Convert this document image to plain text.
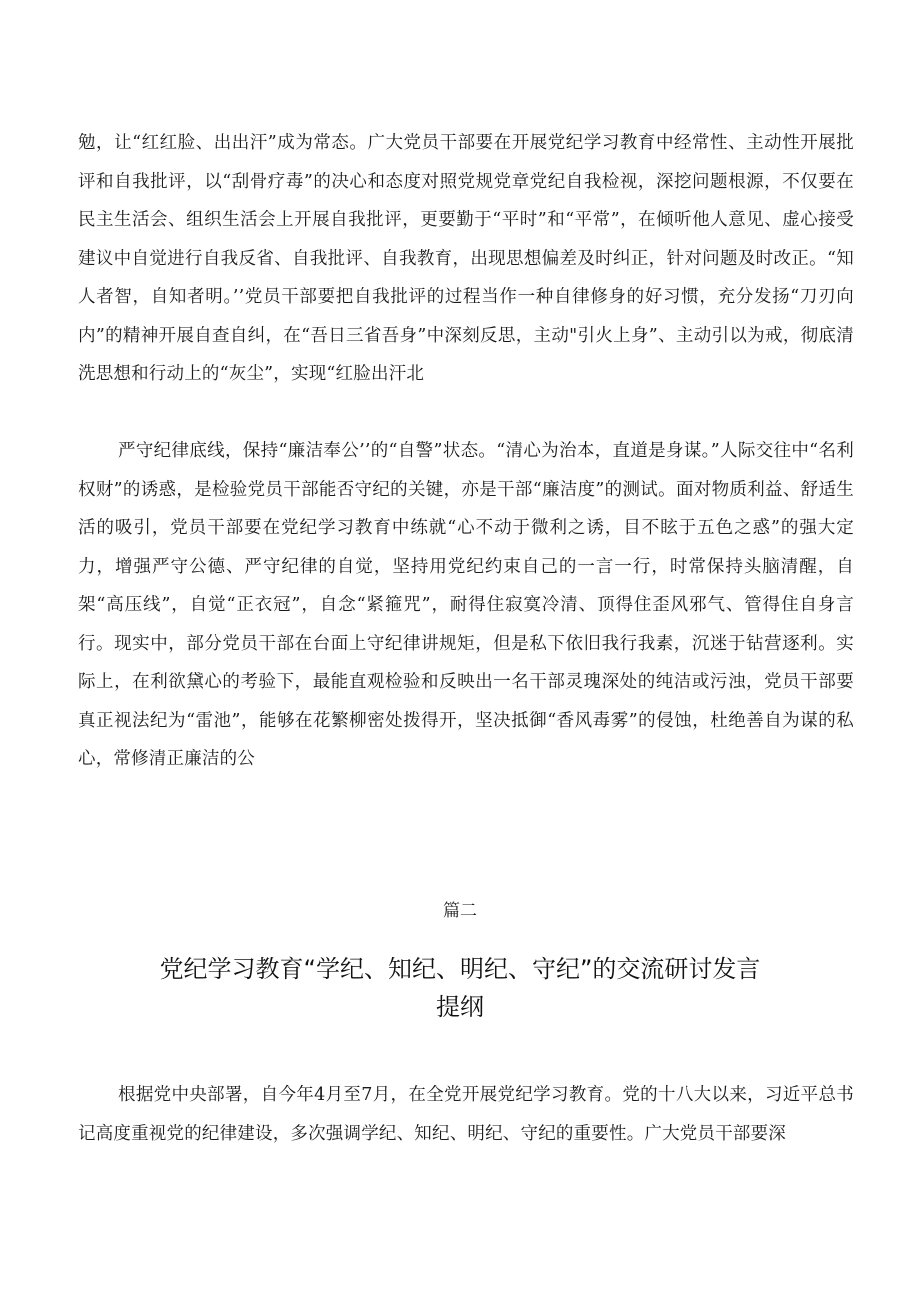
勉，让“红红脸、出出汗”成为常态。广大党员干部要在开展党纪学习教育中经常性、主动性开展批评和自我批评，以“刮骨疗毒”的决心和态度对照党规党章党纪自我检视，深挖问题根源，不仅要在民主生活会、组织生活会上开展自我批评，更要勤于“平时”和“平常”，在倾听他人意见、虚心接受建议中自觉进行自我反省、自我批评、自我教育，出现思想偏差及时纠正，针对问题及时改正。“知人者智，自知者明。’’党员干部要把自我批评的过程当作一种自律修身的好习惯，充分发扬“刀刃向内”的精神开展自查自纠，在“吾日三省吾身”中深刻反思，主动"引火上身”、主动引以为戒，彻底清洗思想和行动上的“灰尘”，实现“红脸出汗北

严守纪律底线，保持“廉洁奉公’’的“自警”状态。“清心为治本，直道是身谋。”人际交往中“名利权财”的诱惑，是检验党员干部能否守纪的关键，亦是干部“廉洁度”的测试。面对物质利益、舒适生活的吸引，党员干部要在党纪学习教育中练就“心不动于微利之诱，目不眩于五色之惑”的强大定力，增强严守公德、严守纪律的自觉，坚持用党纪约束自己的一言一行，时常保持头脑清醒，自架“高压线”，自觉“正衣冠”，自念“紧箍咒”，耐得住寂寞冷清、顶得住歪风邪气、管得住自身言行。现实中，部分党员干部在台面上守纪律讲规矩，但是私下依旧我行我素，沉迷于钻营逐利。实际上，在利欲黛心的考验下，最能直观检验和反映出一名干部灵瑰深处的纯洁或污浊，党员干部要真正视法纪为“雷池”，能够在花繁柳密处拨得开，坚决抵御“香风毒雾”的侵蚀，杜绝善自为谋的私心，常修清正廉洁的公

篇二

党纪学习教育“学纪、知纪、明纪、守纪”的交流研讨发言
提纲

根据党中央部署，自今年4月至7月，在全党开展党纪学习教育。党的十八大以来，习近平总书记高度重视党的纪律建设，多次强调学纪、知纪、明纪、守纪的重要性。广大党员干部要深
